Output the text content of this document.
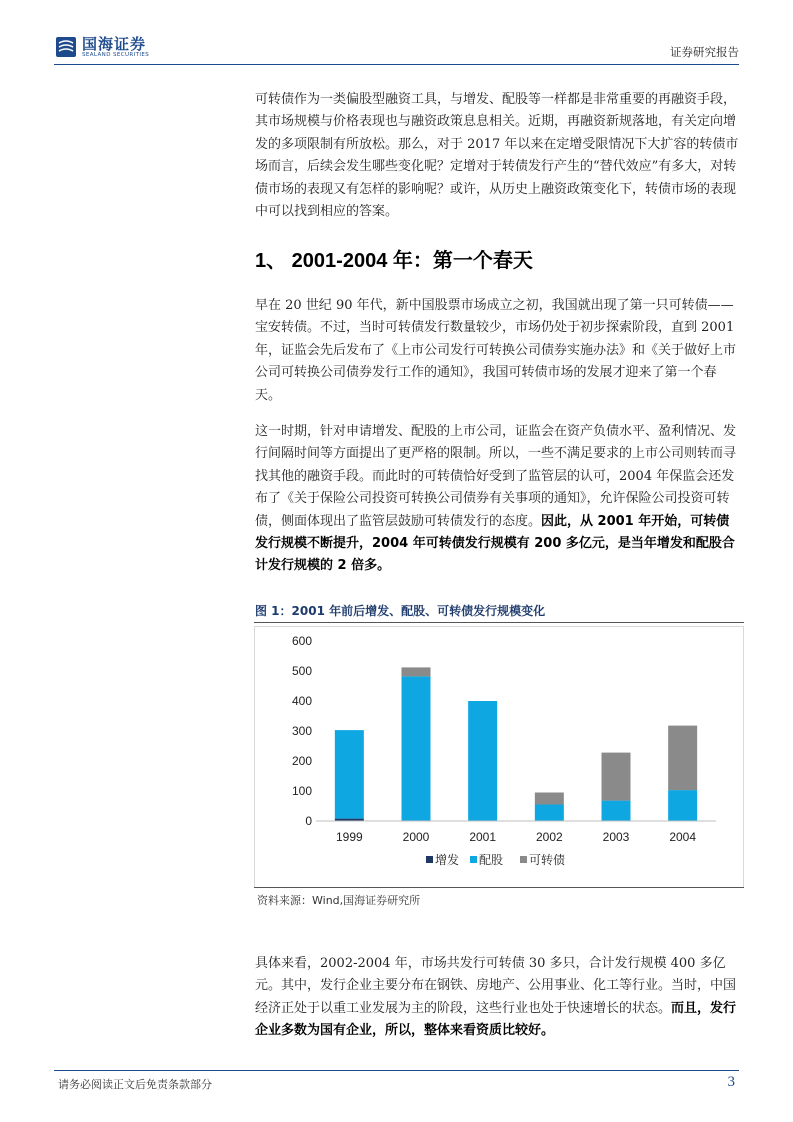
国海证券
SEALAND SECURITIES	证券研究报告

可转债作为一类偏股型融资工具，与增发、配股等一样都是非常重要的再融资手段，其市场规模与价格表现也与融资政策息息相关。近期，再融资新规落地，有关定向增发的多项限制有所放松。那么，对于 2017 年以来在定增受限情况下大扩容的转债市场而言，后续会发生哪些变化呢？定增对于转债发行产生的“替代效应”有多大，对转债市场的表现又有怎样的影响呢？或许，从历史上融资政策变化下，转债市场的表现中可以找到相应的答案。

1、 2001-2004 年：第一个春天

早在 20 世纪 90 年代，新中国股票市场成立之初，我国就出现了第一只可转债——宝安转债。不过，当时可转债发行数量较少，市场仍处于初步探索阶段，直到 2001 年，证监会先后发布了《上市公司发行可转换公司债券实施办法》和《关于做好上市公司可转换公司债券发行工作的通知》，我国可转债市场的发展才迎来了第一个春天。

这一时期，针对申请增发、配股的上市公司，证监会在资产负债水平、盈利情况、发行间隔时间等方面提出了更严格的限制。所以，一些不满足要求的上市公司则转而寻找其他的融资手段。而此时的可转债恰好受到了监管层的认可，2004 年保监会还发布了《关于保险公司投资可转换公司债券有关事项的通知》，允许保险公司投资可转债，侧面体现出了监管层鼓励可转债发行的态度。因此，从 2001 年开始，可转债发行规模不断提升，2004 年可转债发行规模有 200 多亿元，是当年增发和配股合计发行规模的 2 倍多。

图 1：2001 年前后增发、配股、可转债发行规模变化
0
100
200
300
400
500
600
1999	2000	2001	2002	2003	2004
增发 配股 可转债
资料来源：Wind,国海证券研究所

具体来看，2002-2004 年，市场共发行可转债 30 多只，合计发行规模 400 多亿元。其中，发行企业主要分布在钢铁、房地产、公用事业、化工等行业。当时，中国经济正处于以重工业发展为主的阶段，这些行业也处于快速增长的状态。而且，发行企业多数为国有企业，所以，整体来看资质比较好。

请务必阅读正文后免责条款部分	3
